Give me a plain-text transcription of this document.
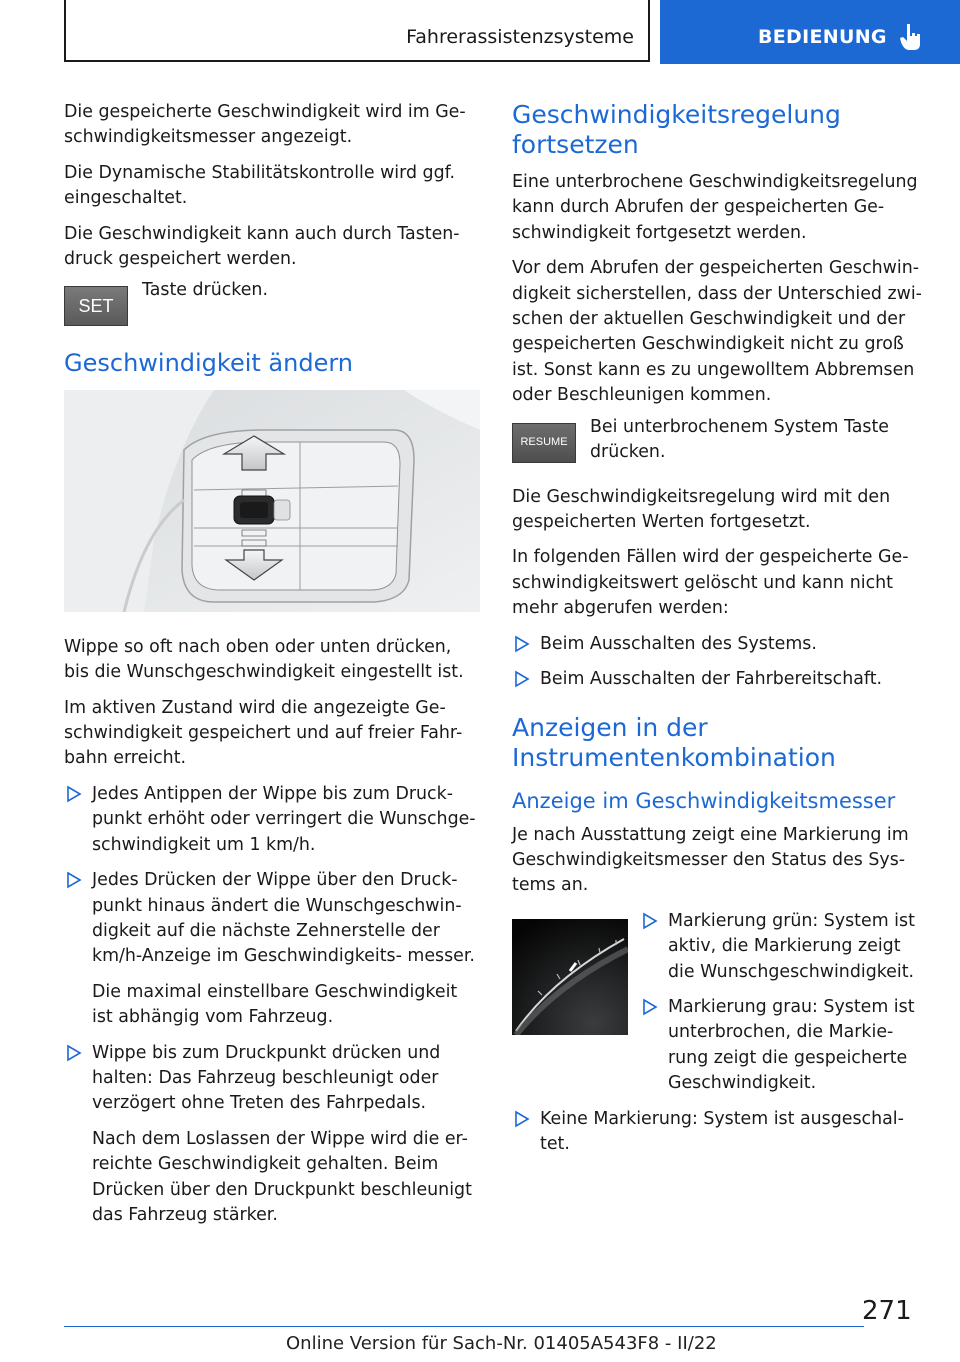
Fahrerassistenzsysteme	BEDIENUNG

Die gespeicherte Geschwindigkeit wird im Ge- schwindigkeitsmesser angezeigt.

Die Dynamische Stabilitätskontrolle wird ggf. eingeschaltet.

Die Geschwindigkeit kann auch durch Tasten- druck gespeichert werden.

SET
Taste drücken.
Geschwindigkeit ändern

Wippe so oft nach oben oder unten drücken, bis die Wunschgeschwindigkeit eingestellt ist.

Im aktiven Zustand wird die angezeigte Ge- schwindigkeit gespeichert und auf freier Fahr- bahn erreicht.

Jedes Antippen der Wippe bis zum Druck- punkt erhöht oder verringert die Wunschge- schwindigkeit um 1 km/h.

Jedes Drücken der Wippe über den Druck- punkt hinaus ändert die Wunschgeschwin- digkeit auf die nächste Zehnerstelle der km/h-Anzeige im Geschwindigkeits- messer.

Die maximal einstellbare Geschwindigkeit ist abhängig vom Fahrzeug.

Wippe bis zum Druckpunkt drücken und halten: Das Fahrzeug beschleunigt oder verzögert ohne Treten des Fahrpedals.

Nach dem Loslassen der Wippe wird die er- reichte Geschwindigkeit gehalten. Beim Drücken über den Druckpunkt beschleunigt das Fahrzeug stärker.

Geschwindigkeitsregelung fortsetzen

Eine unterbrochene Geschwindigkeitsregelung kann durch Abrufen der gespeicherten Ge- schwindigkeit fortgesetzt werden.

Vor dem Abrufen der gespeicherten Geschwin- digkeit sicherstellen, dass der Unterschied zwi- schen der aktuellen Geschwindigkeit und der gespeicherten Geschwindigkeit nicht zu groß ist. Sonst kann es zu ungewolltem Abbremsen oder Beschleunigen kommen.

RESUME
Bei unterbrochenem System Taste drücken.

Die Geschwindigkeitsregelung wird mit den gespeicherten Werten fortgesetzt.

In folgenden Fällen wird der gespeicherte Ge- schwindigkeitswert gelöscht und kann nicht mehr abgerufen werden:

Beim Ausschalten des Systems.

Beim Ausschalten der Fahrbereitschaft.

Anzeigen in der Instrumentenkombination
Anzeige im Geschwindigkeitsmesser

Je nach Ausstattung zeigt eine Markierung im Geschwindigkeitsmesser den Status des Sys- tems an.

Markierung grün: System ist aktiv, die Markierung zeigt die Wunschgeschwindigkeit.

Markierung grau: System ist unterbrochen, die Markie- rung zeigt die gespeicherte Geschwindigkeit.

Keine Markierung: System ist ausgeschal- tet.

271
Online Version für Sach-Nr. 01405A543F8 - II/22
